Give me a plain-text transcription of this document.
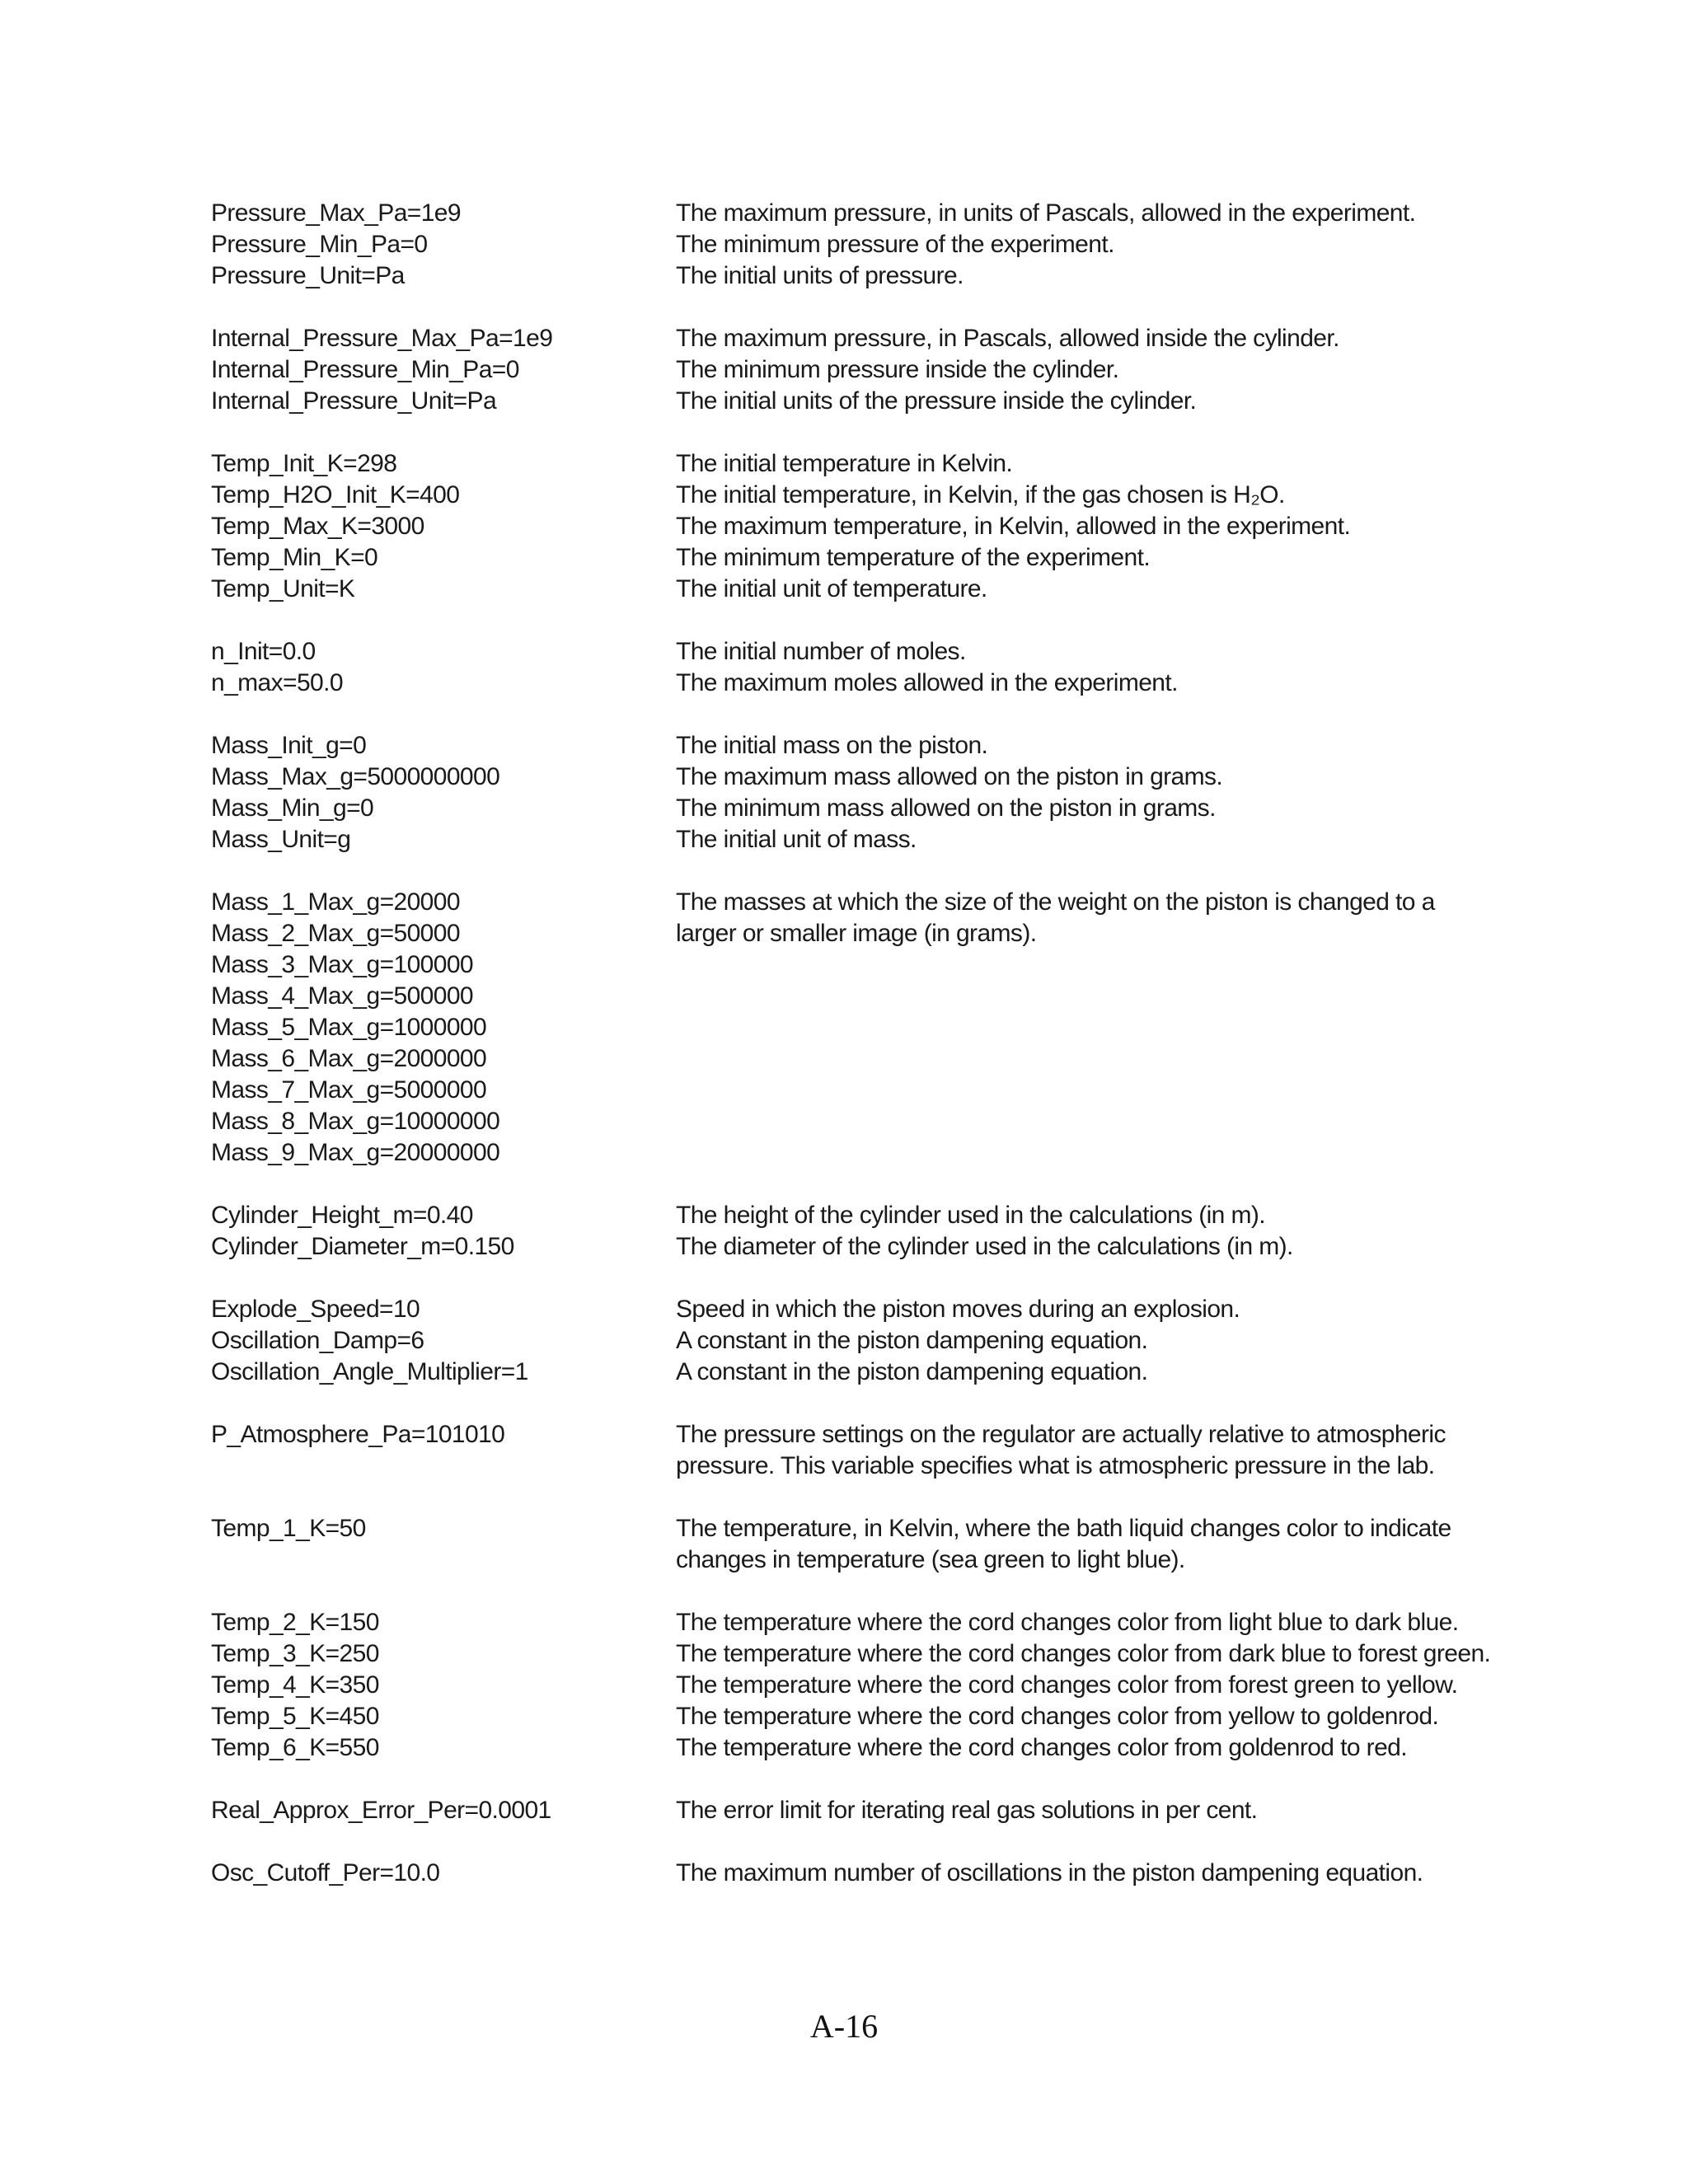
Pressure_Max_Pa=1e9	The maximum pressure, in units of Pascals, allowed in the experiment.
Pressure_Min_Pa=0	The minimum pressure of the experiment.
Pressure_Unit=Pa	The initial units of pressure.
Internal_Pressure_Max_Pa=1e9	The maximum pressure, in Pascals, allowed inside the cylinder.
Internal_Pressure_Min_Pa=0	The minimum pressure inside the cylinder.
Internal_Pressure_Unit=Pa	The initial units of the pressure inside the cylinder.
Temp_Init_K=298	The initial temperature in Kelvin.
Temp_H2O_Init_K=400	The initial temperature, in Kelvin, if the gas chosen is H₂O.
Temp_Max_K=3000	The maximum temperature, in Kelvin, allowed in the experiment.
Temp_Min_K=0	The minimum temperature of the experiment.
Temp_Unit=K	The initial unit of temperature.
n_Init=0.0	The initial number of moles.
n_max=50.0	The maximum moles allowed in the experiment.
Mass_Init_g=0	The initial mass on the piston.
Mass_Max_g=5000000000	The maximum mass allowed on the piston in grams.
Mass_Min_g=0	The minimum mass allowed on the piston in grams.
Mass_Unit=g	The initial unit of mass.
Mass_1_Max_g=20000	The masses at which the size of the weight on the piston is changed to a
Mass_2_Max_g=50000	larger or smaller image (in grams).
Mass_3_Max_g=100000
Mass_4_Max_g=500000
Mass_5_Max_g=1000000
Mass_6_Max_g=2000000
Mass_7_Max_g=5000000
Mass_8_Max_g=10000000
Mass_9_Max_g=20000000
Cylinder_Height_m=0.40	The height of the cylinder used in the calculations (in m).
Cylinder_Diameter_m=0.150	The diameter of the cylinder used in the calculations (in m).
Explode_Speed=10	Speed in which the piston moves during an explosion.
Oscillation_Damp=6	A constant in the piston dampening equation.
Oscillation_Angle_Multiplier=1	A constant in the piston dampening equation.
P_Atmosphere_Pa=101010	The pressure settings on the regulator are actually relative to atmospheric pressure. This variable specifies what is atmospheric pressure in the lab.
Temp_1_K=50	The temperature, in Kelvin, where the bath liquid changes color to indicate changes in temperature (sea green to light blue).
Temp_2_K=150	The temperature where the cord changes color from light blue to dark blue.
Temp_3_K=250	The temperature where the cord changes color from dark blue to forest green.
Temp_4_K=350	The temperature where the cord changes color from forest green to yellow.
Temp_5_K=450	The temperature where the cord changes color from yellow to goldenrod.
Temp_6_K=550	The temperature where the cord changes color from goldenrod to red.
Real_Approx_Error_Per=0.0001	The error limit for iterating real gas solutions in per cent.
Osc_Cutoff_Per=10.0	The maximum number of oscillations in the piston dampening equation.
A-16
